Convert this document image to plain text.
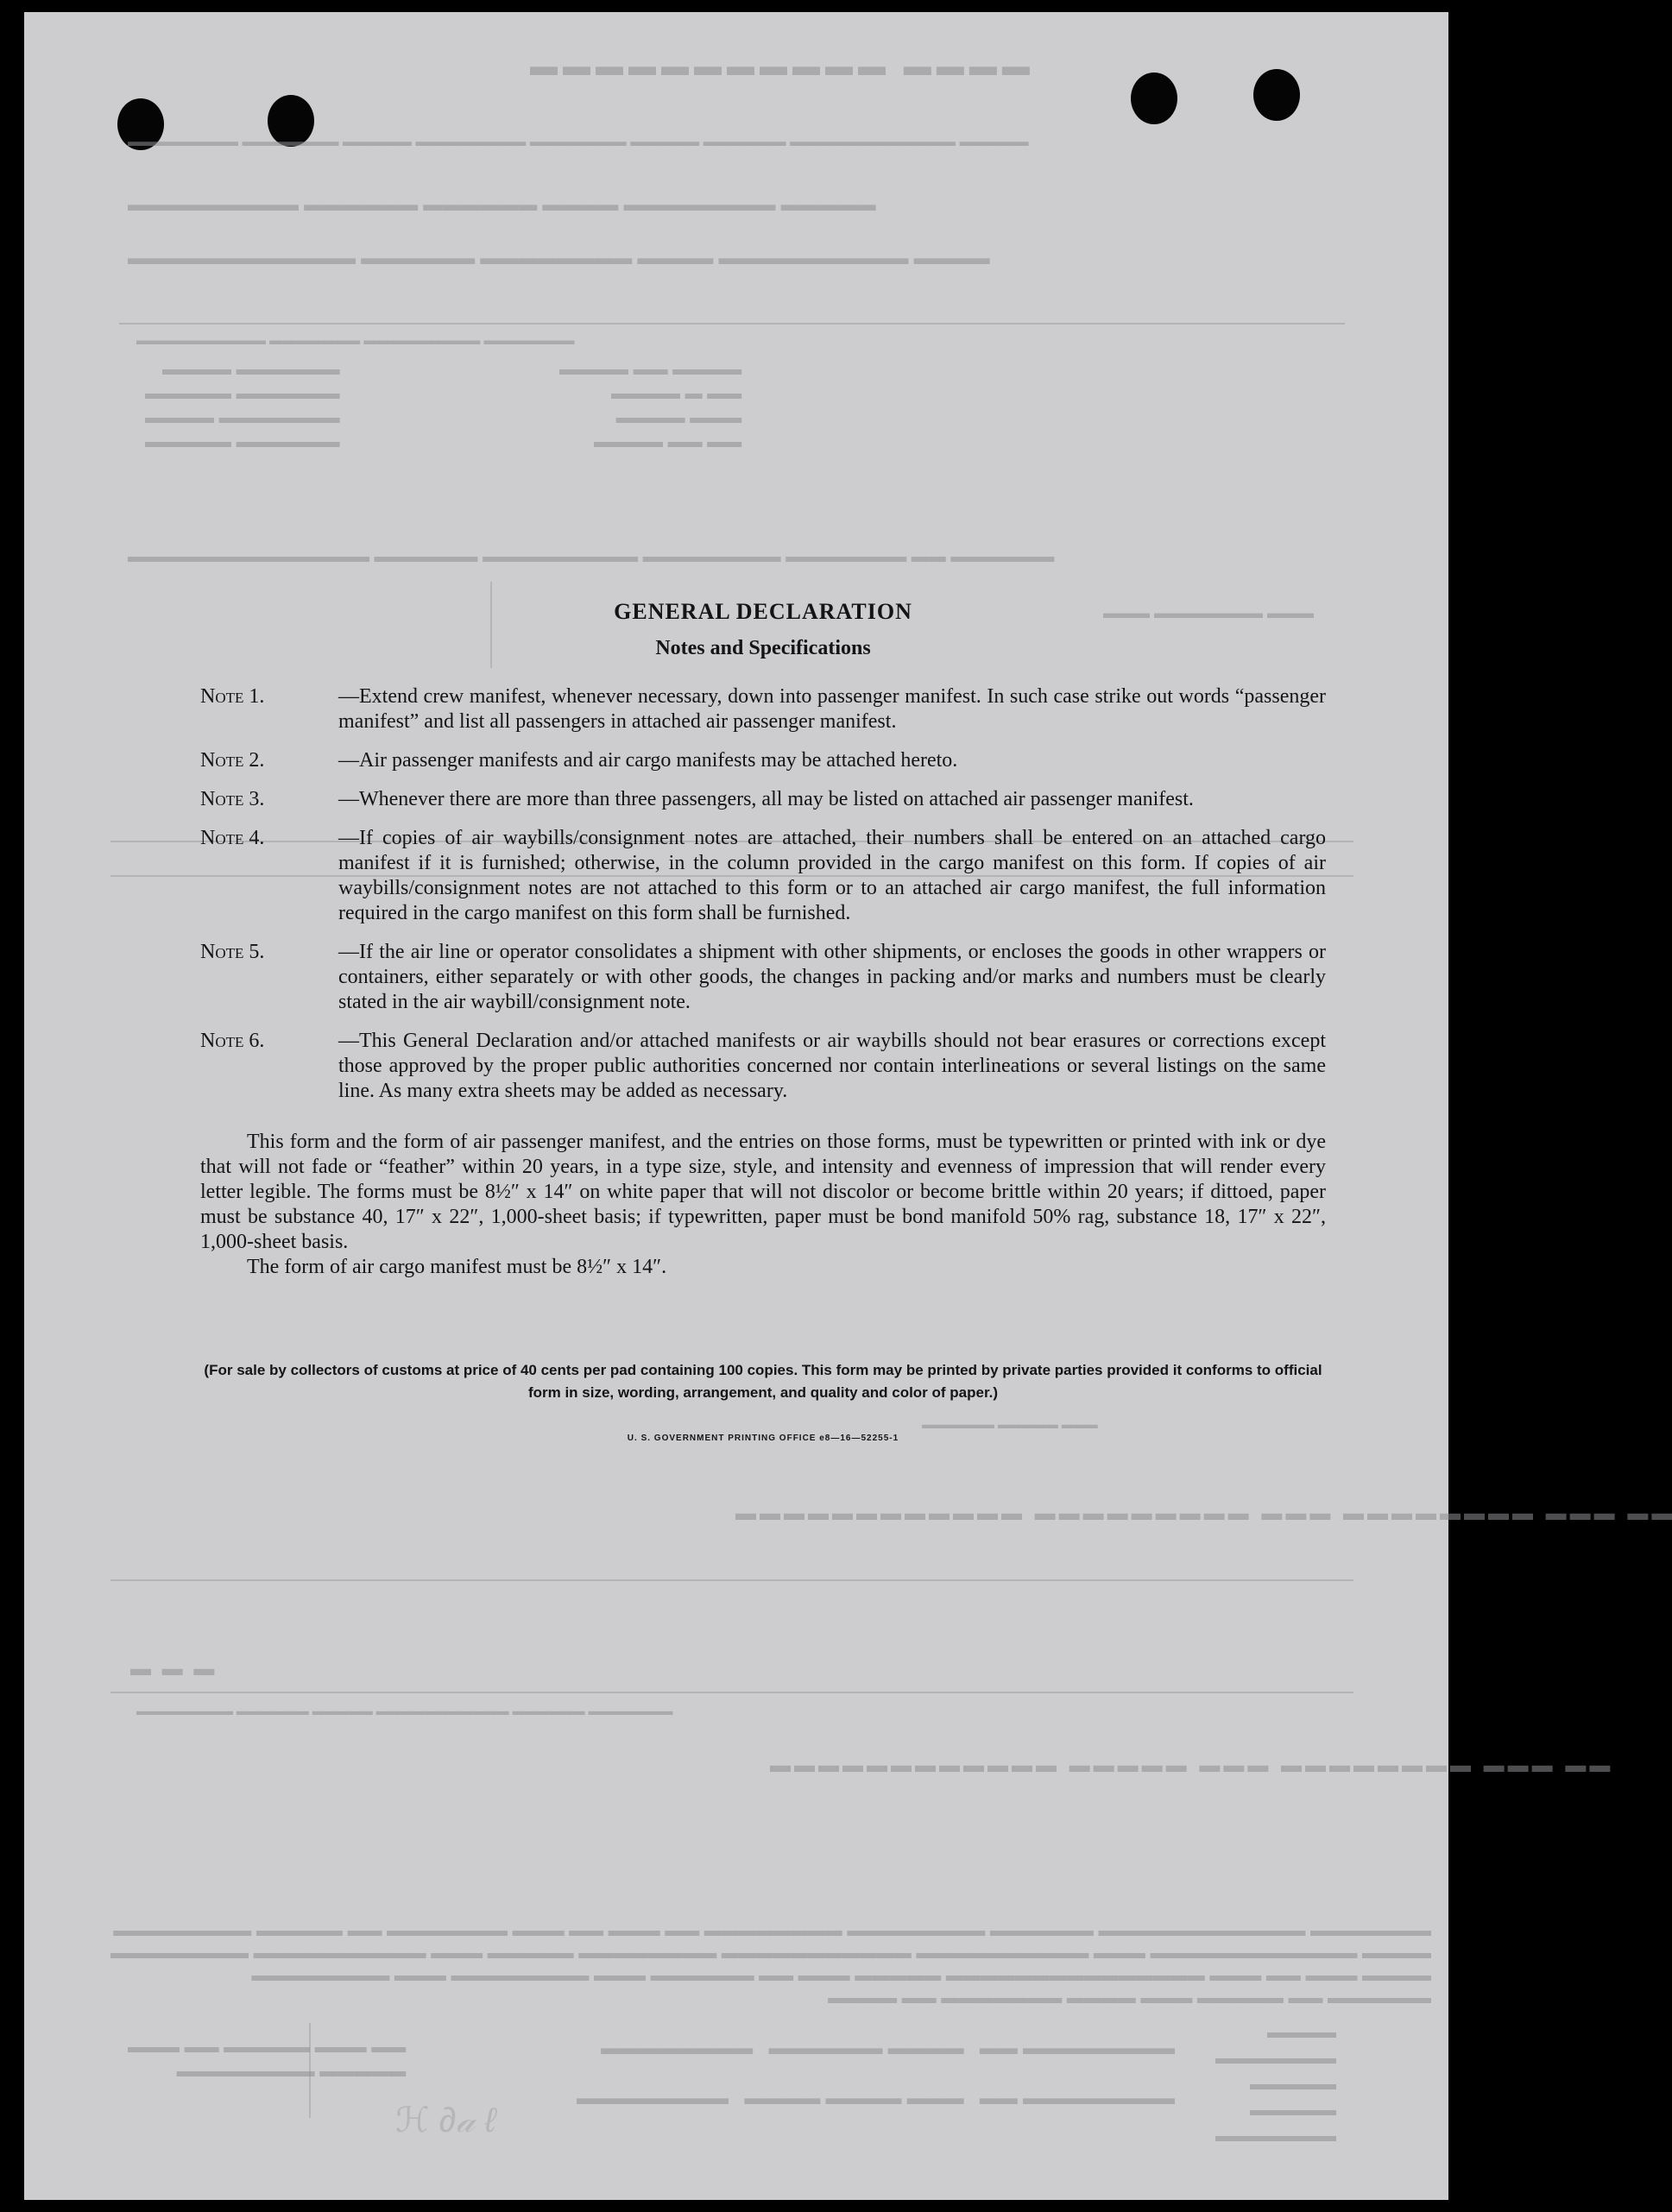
▬▬▬▬ ▬▬▬▬▬▬▬▬▬▬▬
▬▬▬▬▬ ▬▬▬▬▬▬▬▬▬▬▬▬ ▬▬▬▬▬▬ ▬▬▬▬▬ ▬▬▬▬▬▬▬ ▬▬▬▬▬▬▬▬ ▬▬▬▬▬ ▬▬▬▬▬▬▬ ▬▬▬▬▬▬▬▬
▬▬▬▬▬ ▬▬▬▬▬▬▬▬ ▬▬▬▬ ▬▬▬▬▬▬ ▬▬▬▬▬▬ ▬▬▬▬▬▬▬▬▬
▬▬▬▬ ▬▬▬▬▬▬▬▬▬▬ ▬▬▬▬ ▬▬▬▬▬▬▬▬ ▬▬▬▬▬▬ ▬▬▬▬▬▬▬▬▬▬▬▬
▬▬▬▬▬▬▬ ▬▬▬▬▬▬▬▬▬ ▬▬▬▬▬▬▬ ▬▬▬▬▬▬▬▬▬▬
▬▬▬▬▬▬ ▬▬▬▬
▬▬▬▬▬▬ ▬▬▬▬▬
▬▬▬▬▬▬▬ ▬▬▬▬
▬▬▬▬▬▬ ▬▬▬▬▬
▬▬▬▬ ▬▬ ▬▬▬▬
▬▬ ▬ ▬▬▬▬
▬▬▬ ▬▬▬▬
▬▬ ▬▬ ▬▬▬▬
▬▬▬▬▬▬ ▬▬ ▬▬▬▬▬▬▬ ▬▬▬▬▬▬▬▬ ▬▬▬▬▬▬▬▬▬ ▬▬▬▬▬▬ ▬▬▬▬▬▬▬▬▬▬▬▬▬▬
▬▬▬ ▬▬▬▬▬▬▬ ▬▬▬
▬▬▬ ▬▬▬▬▬ ▬▬▬▬▬▬
▬▬ ▬▬▬ ▬▬▬▬▬▬▬▬ ▬▬▬ ▬▬▬▬▬▬▬▬▬ ▬▬▬▬▬▬▬▬▬▬▬▬
▬ ▬ ▬
▬▬▬▬▬▬▬ ▬▬▬▬▬▬ ▬▬▬▬▬▬▬▬▬▬▬ ▬▬▬▬▬ ▬▬▬▬▬▬ ▬▬▬▬▬▬▬▬
▬▬ ▬▬▬ ▬▬▬▬▬▬▬▬ ▬▬▬ ▬▬▬▬▬ ▬▬▬▬▬▬▬▬▬▬▬▬
▬▬▬▬▬▬▬ ▬▬▬▬▬▬▬▬▬▬▬▬ ▬▬▬▬▬▬ ▬▬▬▬▬▬▬▬ ▬▬▬▬▬▬▬▬ ▬▬ ▬▬▬ ▬▬ ▬▬▬ ▬▬▬▬▬▬▬ ▬▬ ▬▬▬▬▬ ▬▬▬▬▬▬▬▬
▬▬▬▬ ▬▬▬▬▬▬▬▬▬▬▬▬ ▬▬▬ ▬▬▬▬▬▬▬▬▬▬ ▬▬▬▬▬▬▬▬▬▬▬ ▬▬▬▬▬▬▬▬ ▬▬▬▬▬ ▬▬▬ ▬▬▬▬▬▬▬▬▬▬ ▬▬▬▬▬▬▬▬
▬▬▬▬ ▬▬▬ ▬▬ ▬▬▬ ▬▬▬▬▬▬▬▬▬▬▬▬▬▬▬ ▬▬▬▬▬ ▬▬▬ ▬▬ ▬▬▬▬▬▬ ▬▬▬ ▬▬▬▬▬▬▬▬ ▬▬▬ ▬▬▬▬▬▬▬▬
▬▬▬▬▬▬ ▬▬ ▬▬▬▬▬ ▬▬▬ ▬▬▬▬ ▬▬▬▬▬▬▬ ▬▬ ▬▬▬▬
▬▬▬▬▬▬▬▬ ▬▬   ▬▬▬▬ ▬▬▬▬▬▬   ▬▬▬▬▬▬▬▬
▬▬▬▬▬▬▬▬ ▬▬   ▬▬▬ ▬▬▬▬ ▬▬▬▬   ▬▬▬▬▬▬▬▬
▬▬▬▬
▬▬▬▬▬▬▬
▬▬▬▬▬
▬▬▬▬▬
▬▬▬▬▬▬▬
▬▬ ▬▬▬ ▬▬▬▬▬ ▬▬ ▬▬▬
▬▬▬▬▬ ▬▬▬▬▬▬▬▬
ℋ ∂𝒶 ℓ
GENERAL DECLARATION
Notes and Specifications
Note 1.	—Extend crew manifest, whenever necessary, down into passenger manifest. In such case strike out words “passenger manifest” and list all passengers in attached air passenger manifest.
Note 2.	—Air passenger manifests and air cargo manifests may be attached hereto.
Note 3.	—Whenever there are more than three passengers, all may be listed on attached air passenger manifest.
Note 4.	—If copies of air waybills/consignment notes are attached, their numbers shall be entered on an attached cargo manifest if it is furnished; otherwise, in the column provided in the cargo manifest on this form. If copies of air waybills/consignment notes are not attached to this form or to an attached air cargo manifest, the full information required in the cargo manifest on this form shall be furnished.
Note 5.	—If the air line or operator consolidates a shipment with other shipments, or encloses the goods in other wrappers or containers, either separately or with other goods, the changes in packing and/or marks and numbers must be clearly stated in the air waybill/consignment note.
Note 6.	—This General Declaration and/or attached manifests or air waybills should not bear erasures or corrections except those approved by the proper public authorities concerned nor contain interlineations or several listings on the same line. As many extra sheets may be added as necessary.

This form and the form of air passenger manifest, and the entries on those forms, must be typewritten or printed with ink or dye that will not fade or “feather” within 20 years, in a type size, style, and intensity and evenness of impression that will render every letter legible. The forms must be 8½″ x 14″ on white paper that will not discolor or become brittle within 20 years; if dittoed, paper must be substance 40, 17″ x 22″, 1,000-sheet basis; if typewritten, paper must be bond manifold 50% rag, substance 18, 17″ x 22″, 1,000-sheet basis.

The form of air cargo manifest must be 8½″ x 14″.

(For sale by collectors of customs at price of 40 cents per pad containing 100 copies. This form may be printed by private parties provided it conforms to official form in size, wording, arrangement, and quality and color of paper.)
U. S. GOVERNMENT PRINTING OFFICE e8—16—52255-1
